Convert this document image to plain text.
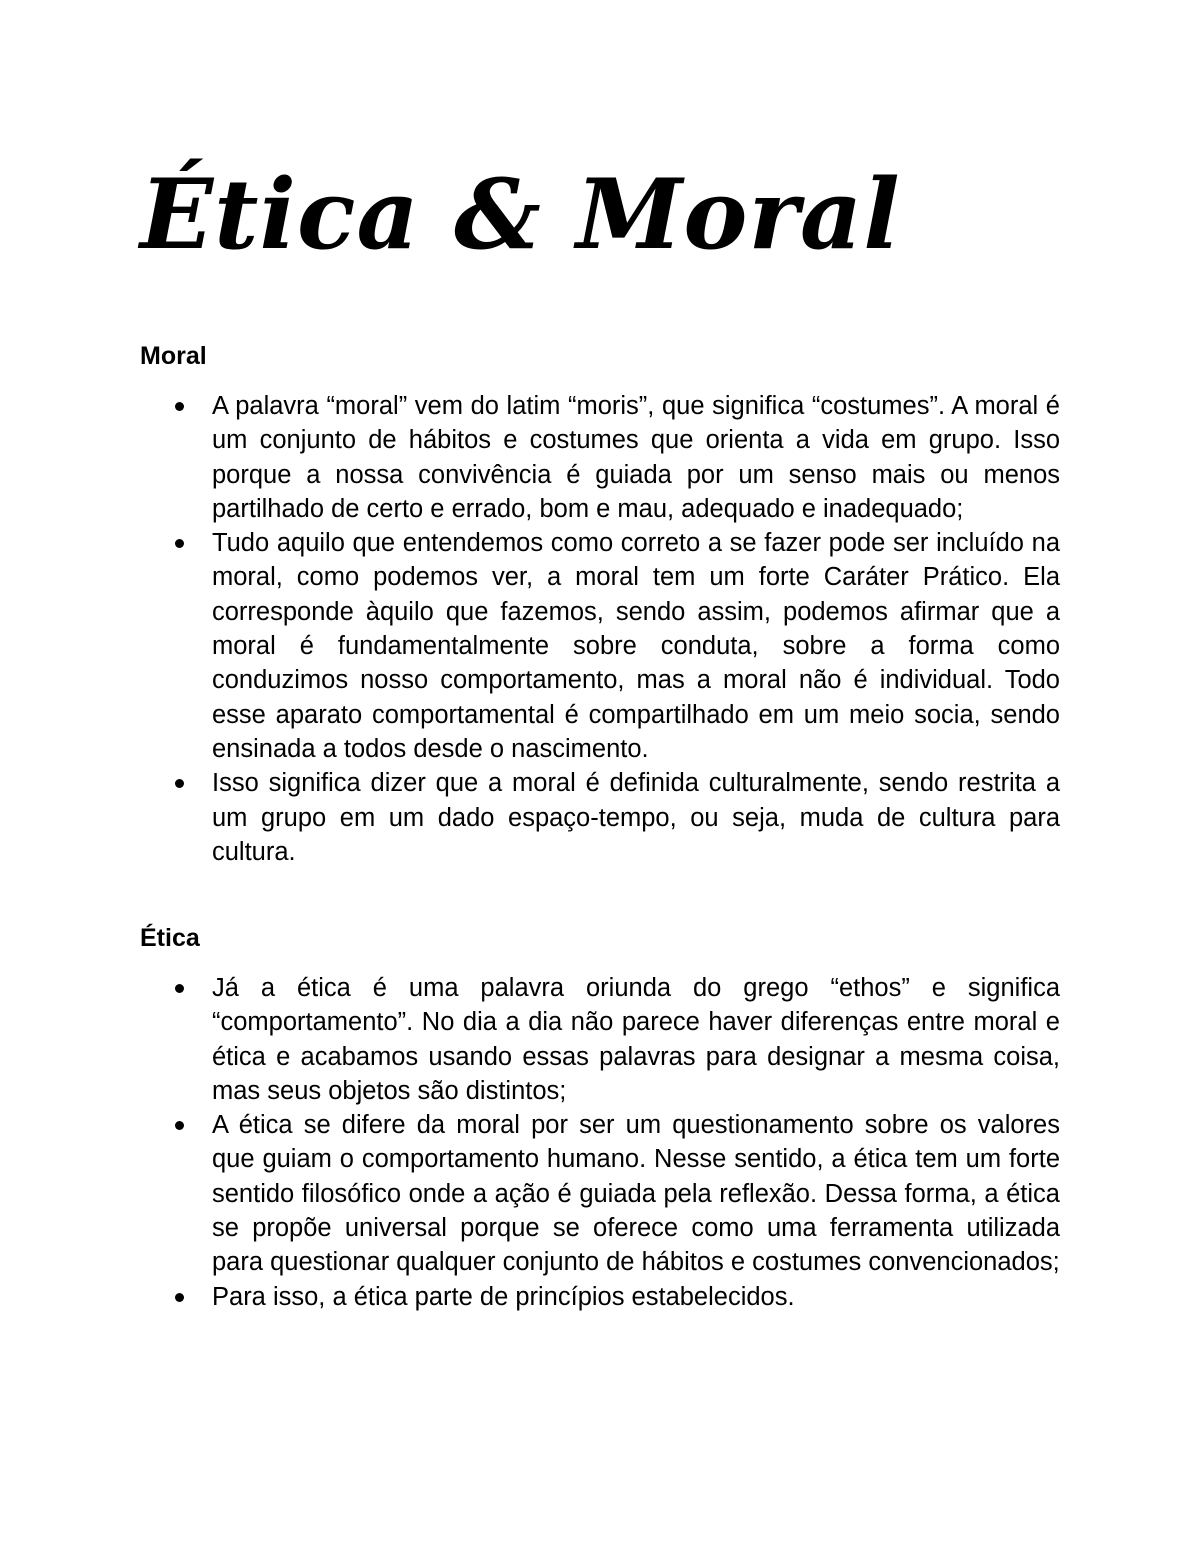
Ética & Moral
Moral
A palavra “moral” vem do latim “moris”, que significa “costumes”. A moral é um conjunto de hábitos e costumes que orienta a vida em grupo. Isso porque a nossa convivência é guiada por um senso mais ou menos partilhado de certo e errado, bom e mau, adequado e inadequado;
Tudo aquilo que entendemos como correto a se fazer pode ser incluído na moral, como podemos ver, a moral tem um forte Caráter Prático. Ela corresponde àquilo que fazemos, sendo assim, podemos afirmar que a moral é fundamentalmente sobre conduta, sobre a forma como conduzimos nosso comportamento, mas a moral não é individual. Todo esse aparato comportamental é compartilhado em um meio socia, sendo ensinada a todos desde o nascimento.
Isso significa dizer que a moral é definida culturalmente, sendo restrita a um grupo em um dado espaço-tempo, ou seja, muda de cultura para cultura.
Ética
Já a ética é uma palavra oriunda do grego “ethos” e significa “comportamento”. No dia a dia não parece haver diferenças entre moral e ética e acabamos usando essas palavras para designar a mesma coisa, mas seus objetos são distintos;
A ética se difere da moral por ser um questionamento sobre os valores que guiam o comportamento humano. Nesse sentido, a ética tem um forte sentido filosófico onde a ação é guiada pela reflexão. Dessa forma, a ética se propõe universal porque se oferece como uma ferramenta utilizada para questionar qualquer conjunto de hábitos e costumes convencionados;
Para isso, a ética parte de princípios estabelecidos.
